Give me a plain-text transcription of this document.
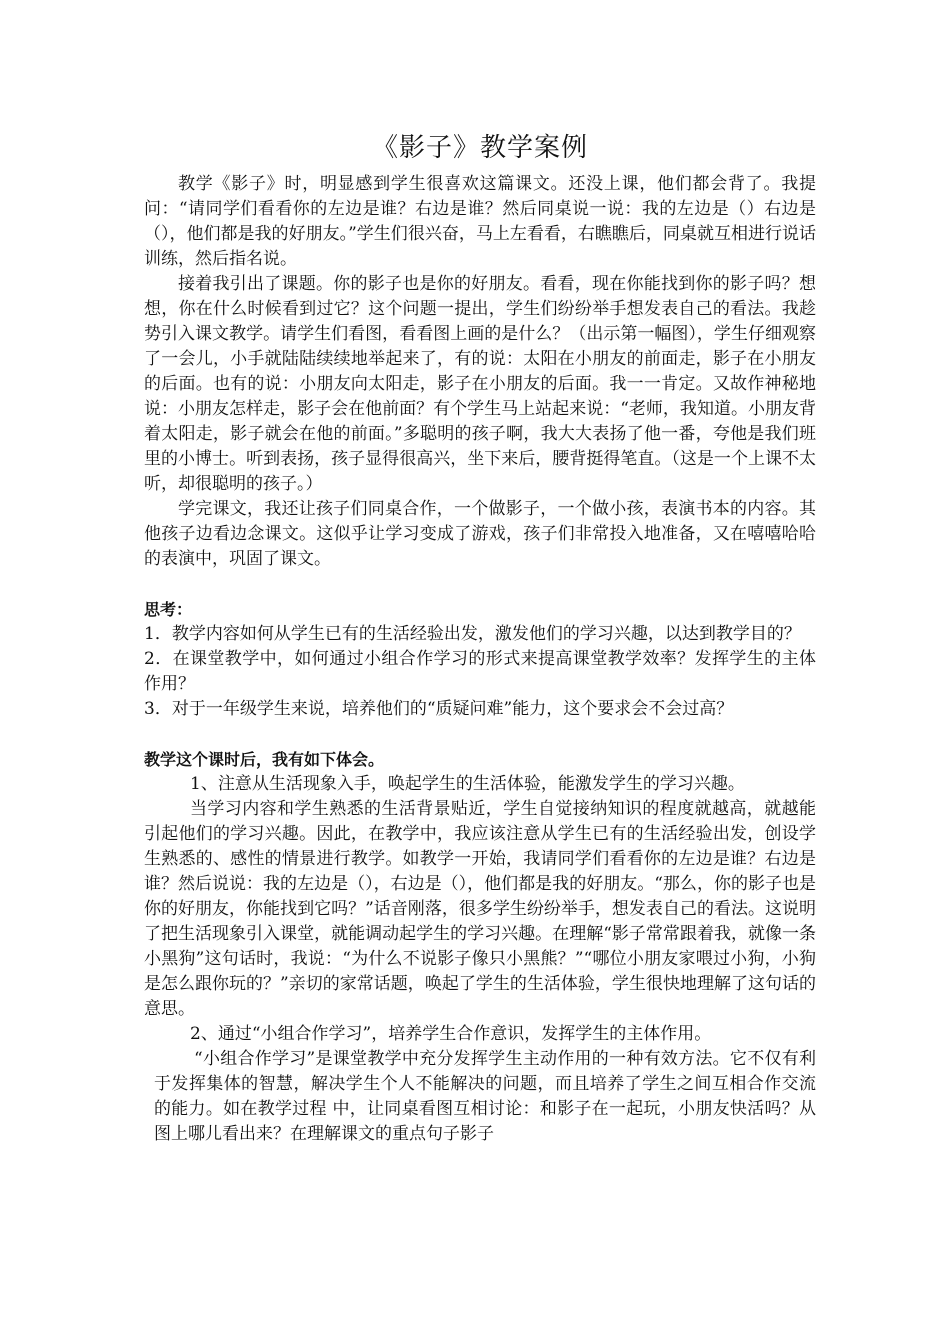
《影子》教学案例

教学《影子》时，明显感到学生很喜欢这篇课文。还没上课，他们都会背了。我提问：“请同学们看看你的左边是谁？右边是谁？然后同桌说一说：我的左边是（）右边是（），他们都是我的好朋友。”学生们很兴奋，马上左看看，右瞧瞧后，同桌就互相进行说话训练，然后指名说。

接着我引出了课题。你的影子也是你的好朋友。看看，现在你能找到你的影子吗？想想，你在什么时候看到过它？这个问题一提出，学生们纷纷举手想发表自己的看法。我趁势引入课文教学。请学生们看图，看看图上画的是什么？（出示第一幅图），学生仔细观察了一会儿，小手就陆陆续续地举起来了，有的说：太阳在小朋友的前面走，影子在小朋友的后面。也有的说：小朋友向太阳走，影子在小朋友的后面。我一一肯定。又故作神秘地说：小朋友怎样走，影子会在他前面？有个学生马上站起来说：“老师，我知道。小朋友背着太阳走，影子就会在他的前面。”多聪明的孩子啊，我大大表扬了他一番，夸他是我们班里的小博士。听到表扬，孩子显得很高兴，坐下来后，腰背挺得笔直。（这是一个上课不太听，却很聪明的孩子。）

学完课文，我还让孩子们同桌合作，一个做影子，一个做小孩，表演书本的内容。其他孩子边看边念课文。这似乎让学习变成了游戏，孩子们非常投入地准备，又在嘻嘻哈哈的表演中，巩固了课文。

思考：

1．教学内容如何从学生已有的生活经验出发，激发他们的学习兴趣，以达到教学目的？

2．在课堂教学中，如何通过小组合作学习的形式来提高课堂教学效率？发挥学生的主体作用？

3．对于一年级学生来说，培养他们的“质疑问难”能力，这个要求会不会过高？

教学这个课时后，我有如下体会。

1、注意从生活现象入手，唤起学生的生活体验，能激发学生的学习兴趣。

当学习内容和学生熟悉的生活背景贴近，学生自觉接纳知识的程度就越高，就越能引起他们的学习兴趣。因此，在教学中，我应该注意从学生已有的生活经验出发，创设学生熟悉的、感性的情景进行教学。如教学一开始，我请同学们看看你的左边是谁？右边是谁？然后说说：我的左边是（），右边是（），他们都是我的好朋友。“那么，你的影子也是你的好朋友，你能找到它吗？”话音刚落，很多学生纷纷举手，想发表自己的看法。这说明了把生活现象引入课堂，就能调动起学生的学习兴趣。在理解“影子常常跟着我，就像一条小黑狗”这句话时，我说：“为什么不说影子像只小黑熊？”“哪位小朋友家喂过小狗，小狗是怎么跟你玩的？”亲切的家常话题，唤起了学生的生活体验，学生很快地理解了这句话的意思。

2、通过“小组合作学习”，培养学生合作意识，发挥学生的主体作用。

“小组合作学习”是课堂教学中充分发挥学生主动作用的一种有效方法。它不仅有利于发挥集体的智慧，解决学生个人不能解决的问题，而且培养了学生之间互相合作交流的能力。如在教学过程 中，让同桌看图互相讨论：和影子在一起玩，小朋友快活吗？从图上哪儿看出来？在理解课文的重点句子影子
